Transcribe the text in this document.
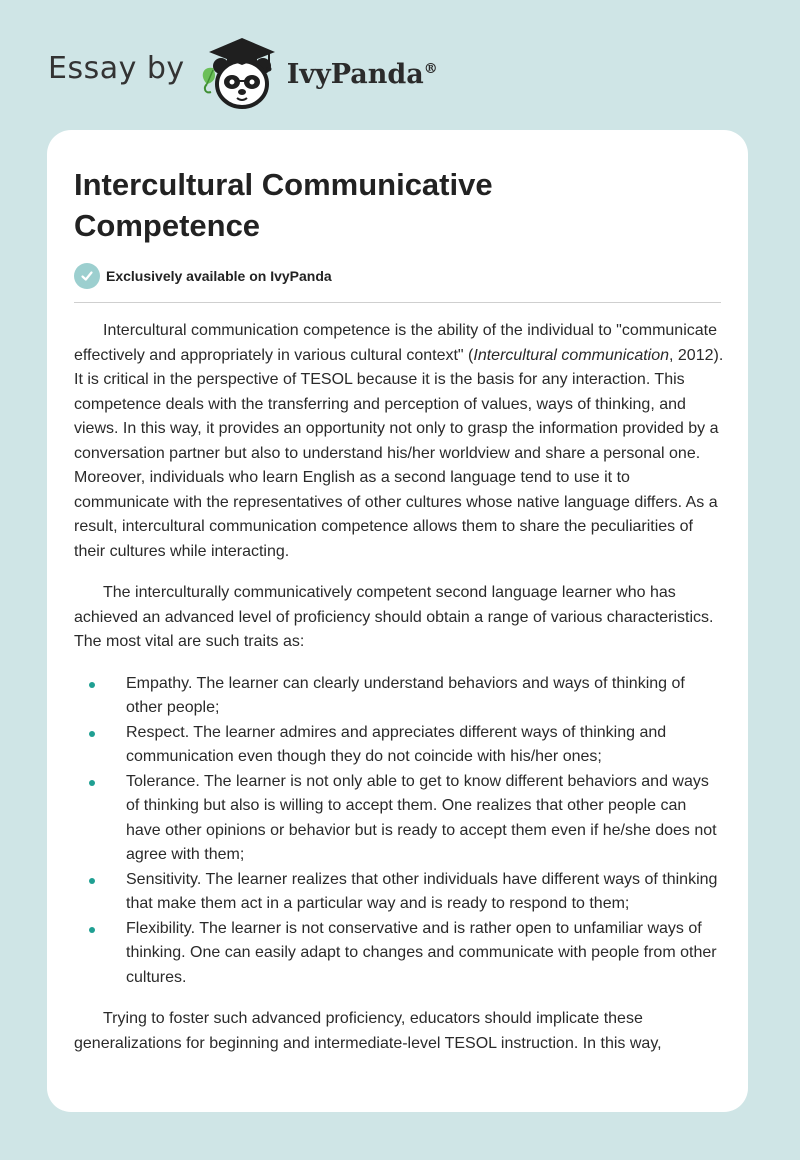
Essay by	IvyPanda®
Intercultural Communicative Competence
Exclusively available on IvyPanda

Intercultural communication competence is the ability of the individual to "communicate effectively and appropriately in various cultural context" (Intercultural communication, 2012). It is critical in the perspective of TESOL because it is the basis for any interaction. This competence deals with the transferring and perception of values, ways of thinking, and views. In this way, it provides an opportunity not only to grasp the information provided by a conversation partner but also to understand his/her worldview and share a personal one. Moreover, individuals who learn English as a second language tend to use it to communicate with the representatives of other cultures whose native language differs. As a result, intercultural communication competence allows them to share the peculiarities of their cultures while interacting.

The interculturally communicatively competent second language learner who has achieved an advanced level of proficiency should obtain a range of various characteristics. The most vital are such traits as:

Empathy. The learner can clearly understand behaviors and ways of thinking of other people;
Respect. The learner admires and appreciates different ways of thinking and communication even though they do not coincide with his/her ones;
Tolerance. The learner is not only able to get to know different behaviors and ways of thinking but also is willing to accept them. One realizes that other people can have other opinions or behavior but is ready to accept them even if he/she does not agree with them;
Sensitivity. The learner realizes that other individuals have different ways of thinking that make them act in a particular way and is ready to respond to them;
Flexibility. The learner is not conservative and is rather open to unfamiliar ways of thinking. One can easily adapt to changes and communicate with people from other cultures.

Trying to foster such advanced proficiency, educators should implicate these generalizations for beginning and intermediate-level TESOL instruction. In this way,
